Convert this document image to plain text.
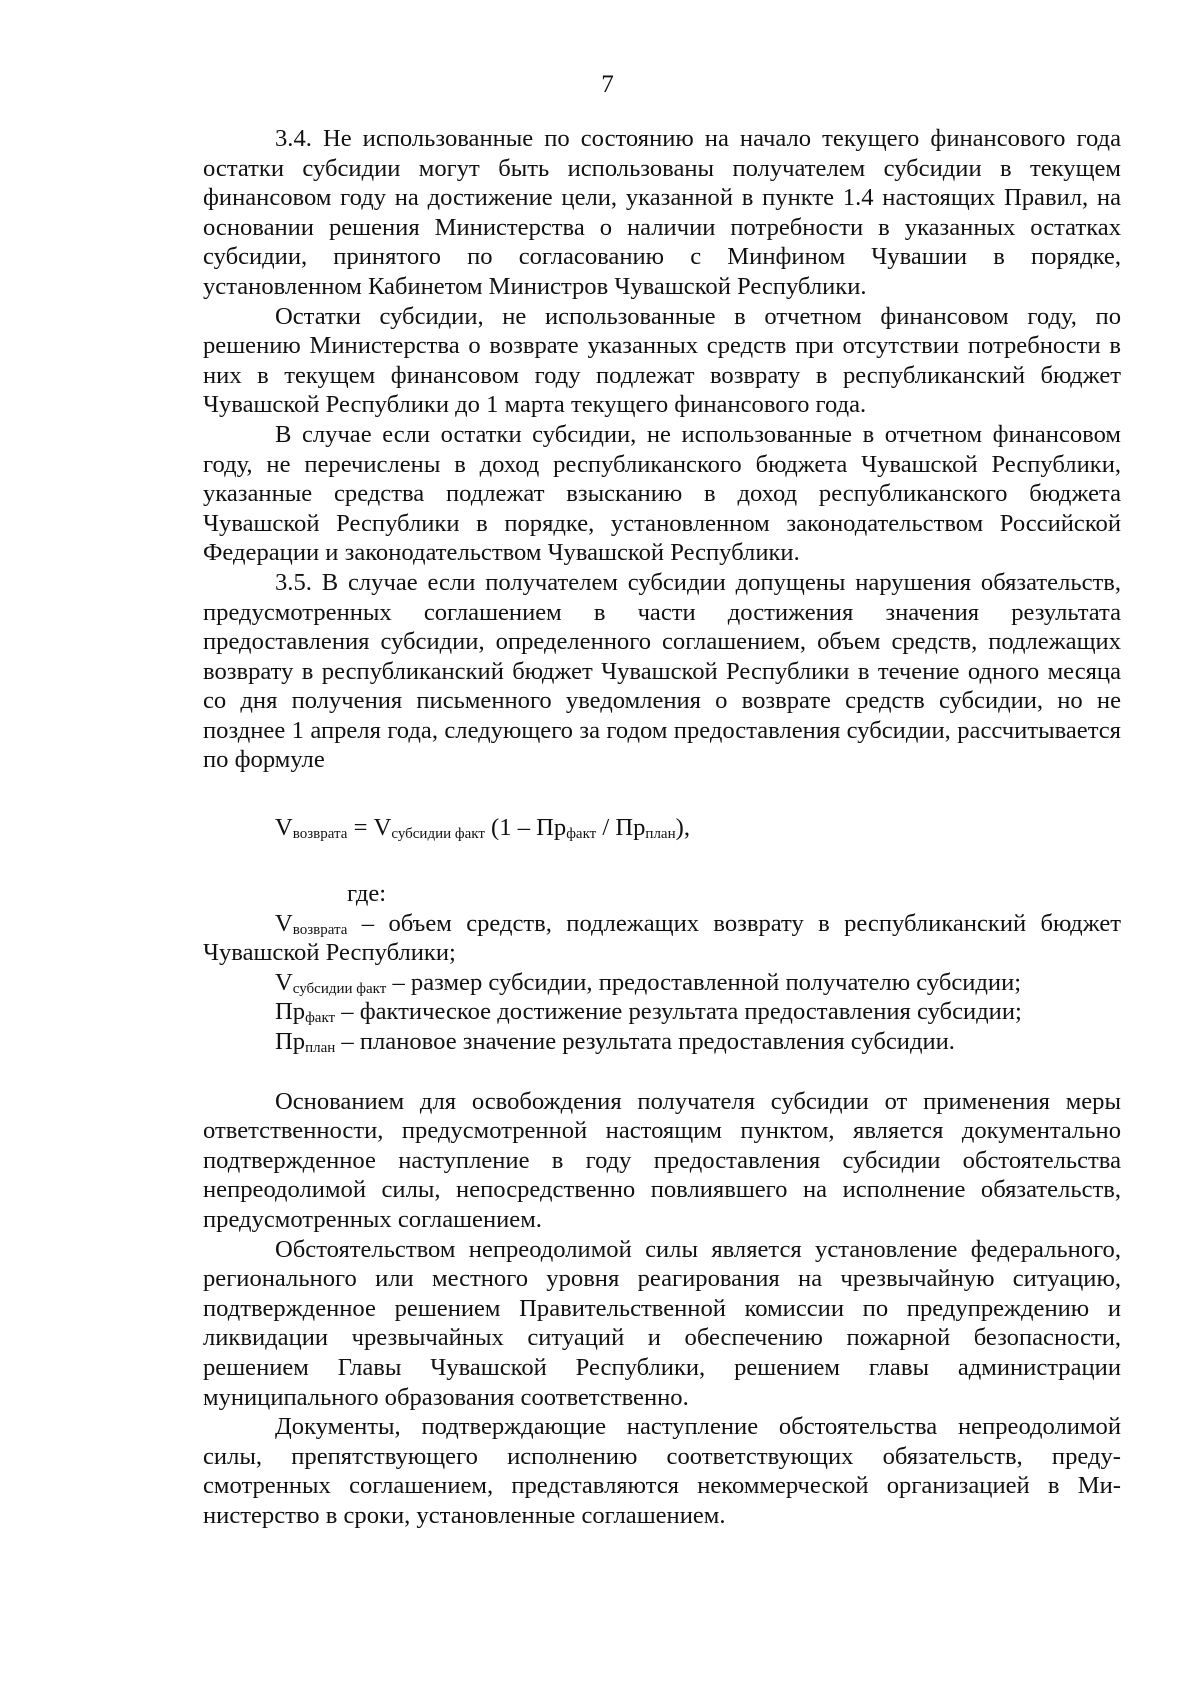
7

3.4. Не использованные по состоянию на начало текущего финансового года остатки субсидии могут быть использованы получателем субсидии в текущем финансовом году на достижение цели, указанной в пункте 1.4 настоящих Правил, на основании решения Министерства о наличии потребности в указанных остатках субсидии, принятого по согласованию с Минфином Чувашии в порядке, установленном Кабинетом Министров Чувашской Республики.

Остатки субсидии, не использованные в отчетном финансовом году, по решению Министерства о возврате указанных средств при отсутствии потребности в них в текущем финансовом году подлежат возврату в республиканский бюджет Чувашской Республики до 1 марта текущего финансового года.

В случае если остатки субсидии, не использованные в отчетном финансовом году, не перечислены в доход республиканского бюджета Чувашской Республики, указанные средства подлежат взысканию в доход республиканского бюджета Чувашской Республики в порядке, установленном законодательством Российской Федерации и законодательством Чувашской Республики.

3.5. В случае если получателем субсидии допущены нарушения обязательств, предусмотренных соглашением в части достижения значения результата предоставления субсидии, определенного соглашением, объем средств, подлежащих возврату в республиканский бюджет Чувашской Республики в течение одного месяца со дня получения письменного уведомления о возврате средств субсидии, но не позднее 1 апреля года, следующего за годом предоставления субсидии, рассчитывается по формуле

$V_{возврата} = V_{субсидии факт}$ $(1 - Пр_{факт} / Пр_{план})$,

где:

$V_{возврата}$ – объем средств, подлежащих возврату в республиканский бюджет Чувашской Республики;

$V_{субсидии факт}$ – размер субсидии, предоставленной получателю субсидии;

$Пр_{факт}$ – фактическое достижение результата предоставления субсидии;

$Пр_{план}$ – плановое значение результата предоставления субсидии.

Основанием для освобождения получателя субсидии от применения меры ответственности, предусмотренной настоящим пунктом, является документально подтвержденное наступление в году предоставления субсидии обстоятельства непреодолимой силы, непосредственно повлиявшего на исполнение обязательств, предусмотренных соглашением.

Обстоятельством непреодолимой силы является установление федерального, регионального или местного уровня реагирования на чрезвычайную ситуацию, подтвержденное решением Правительственной комиссии по предупреждению и ликвидации чрезвычайных ситуаций и обеспечению пожарной безопасности, решением Главы Чувашской Республики, решением главы администрации муниципального образования соответственно.

Документы, подтверждающие наступление обстоятельства непреодолимой силы, препятствующего исполнению соответствующих обязательств, предусмотренных соглашением, представляются некоммерческой организацией в Министерство в сроки, установленные соглашением.
